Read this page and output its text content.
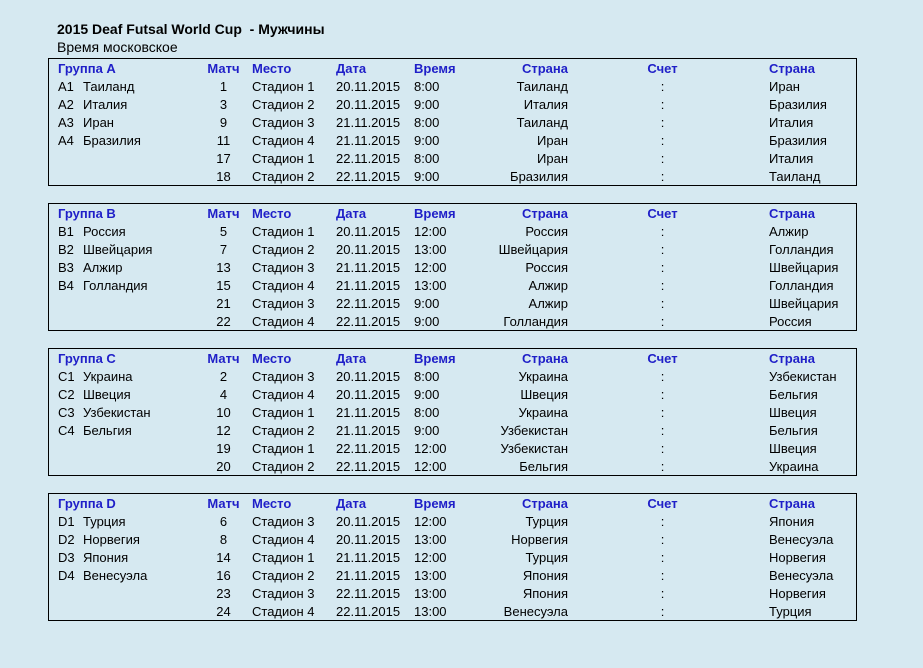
2015 Deaf Futsal World Cup  - Мужчины
Время московское
Группа A	Матч Место	Дата	Время	Страна	Счет	Страна
A1 Таиланд	1	Стадион 1	20.11.2015	8:00	Таиланд	:	Иран
A2 Италия	3	Стадион 2	20.11.2015	9:00	Италия	:	Бразилия
A3 Иран	9	Стадион 3	21.11.2015	8:00	Таиланд	:	Италия
A4 Бразилия	11	Стадион 4	21.11.2015	9:00	Иран	:	Бразилия
17	Стадион 1	22.11.2015	8:00	Иран	:	Италия
18	Стадион 2	22.11.2015	9:00	Бразилия	:	Таиланд
Группа B	Матч Место	Дата	Время	Страна	Счет	Страна
B1 Россия	5	Стадион 1	20.11.2015	12:00	Россия	:	Алжир
B2 Швейцария	7	Стадион 2	20.11.2015	13:00	Швейцария	:	Голландия
B3 Алжир	13	Стадион 3	21.11.2015	12:00	Россия	:	Швейцария
B4 Голландия	15	Стадион 4	21.11.2015	13:00	Алжир	:	Голландия
21	Стадион 3	22.11.2015	9:00	Алжир	:	Швейцария
22	Стадион 4	22.11.2015	9:00	Голландия	:	Россия
Группа C	Матч Место	Дата	Время	Страна	Счет	Страна
C1 Украина	2	Стадион 3	20.11.2015	8:00	Украина	:	Узбекистан
C2 Швеция	4	Стадион 4	20.11.2015	9:00	Швеция	:	Бельгия
C3 Узбекистан	10	Стадион 1	21.11.2015	8:00	Украина	:	Швеция
C4 Бельгия	12	Стадион 2	21.11.2015	9:00	Узбекистан	:	Бельгия
19	Стадион 1	22.11.2015	12:00	Узбекистан	:	Швеция
20	Стадион 2	22.11.2015	12:00	Бельгия	:	Украина
Группа D	Матч Место	Дата	Время	Страна	Счет	Страна
D1 Турция	6	Стадион 3	20.11.2015	12:00	Турция	:	Япония
D2 Норвегия	8	Стадион 4	20.11.2015	13:00	Норвегия	:	Венесуэла
D3 Япония	14	Стадион 1	21.11.2015	12:00	Турция	:	Норвегия
D4 Венесуэла	16	Стадион 2	21.11.2015	13:00	Япония	:	Венесуэла
23	Стадион 3	22.11.2015	13:00	Япония	:	Норвегия
24	Стадион 4	22.11.2015	13:00	Венесуэла	:	Турция
